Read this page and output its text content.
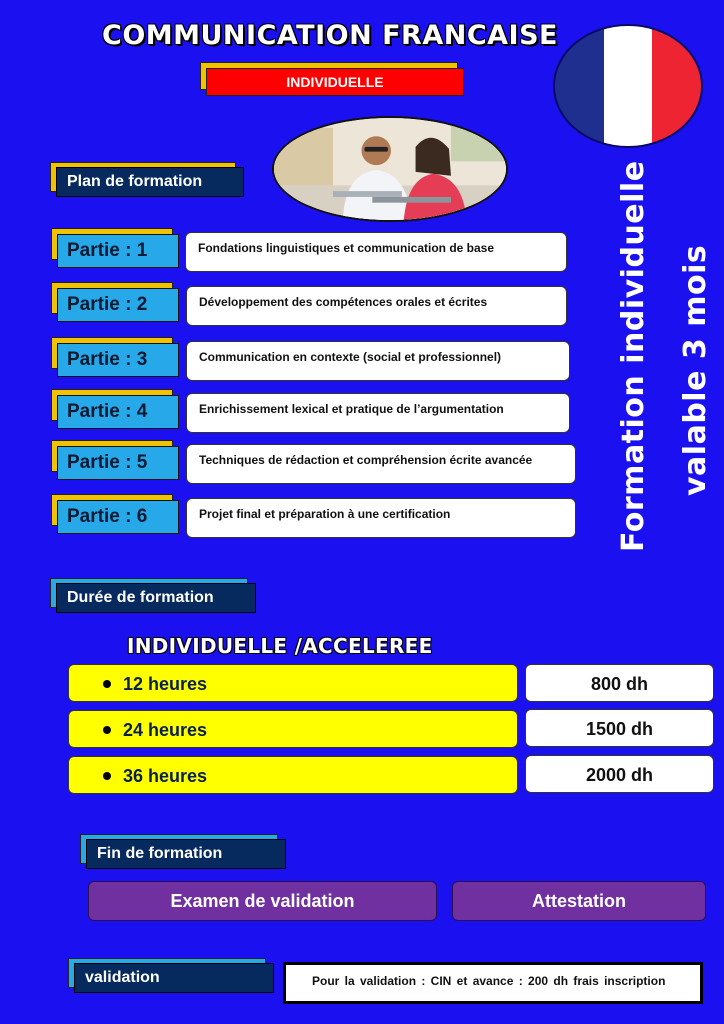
COMMUNICATION FRANCAISE
INDIVIDUELLE
Plan de formation
Partie : 1	Fondations linguistiques et communication de base
Partie : 2	Développement des compétences orales et écrites
Partie : 3	Communication en contexte (social et professionnel)
Partie : 4	Enrichissement lexical et pratique de l’argumentation
Partie : 5	Techniques de rédaction et compréhension écrite avancée
Partie : 6	Projet final et préparation à une certification	Formation individuelle valable 3 mois
Durée de formation
INDIVIDUELLE /ACCELEREE
12 heures	800 dh
24 heures	1500 dh
36 heures	2000 dh
Fin de formation
Examen de validation	Attestation
validation	Pour la validation : CIN et avance : 200 dh frais inscription
